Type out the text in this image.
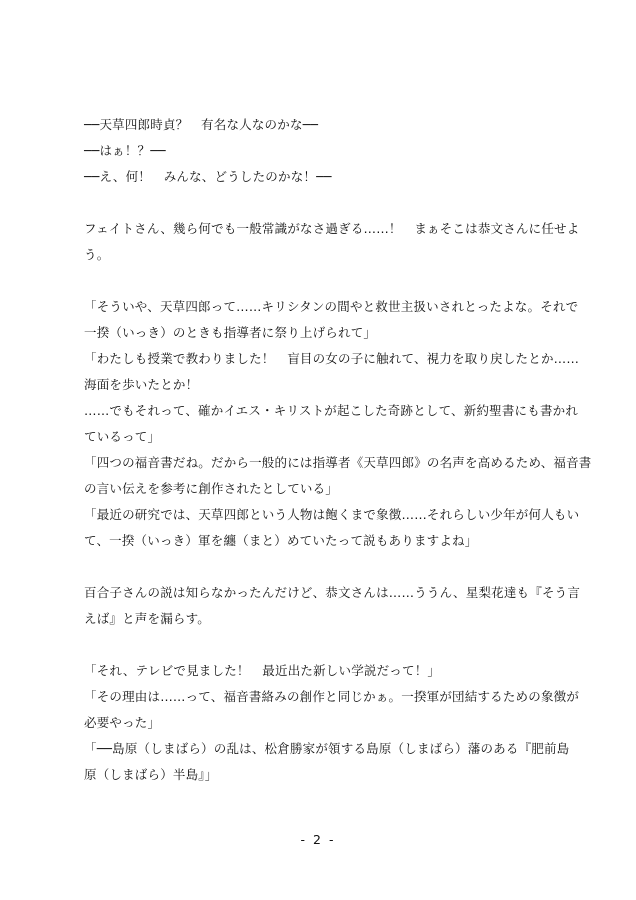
──天草四郎時貞？　有名な人なのかな──
──はぁ！？──
──え、何！　みんな、どうしたのかな！──
フェイトさん、幾ら何でも一般常識がなさ過ぎる……！　まぁそこは恭文さんに任せよ
う。
「そういや、天草四郎って……キリシタンの間やと救世主扱いされとったよな。それで
一揆（いっき）のときも指導者に祭り上げられて」
「わたしも授業で教わりました！　盲目の女の子に触れて、視力を取り戻したとか……
海面を歩いたとか！
……でもそれって、確かイエス・キリストが起こした奇跡として、新約聖書にも書かれ
ているって」
「四つの福音書だね。だから一般的には指導者《天草四郎》の名声を高めるため、福音書
の言い伝えを参考に創作されたとしている」
「最近の研究では、天草四郎という人物は飽くまで象徴……それらしい少年が何人もい
て、一揆（いっき）軍を纏（まと）めていたって説もありますよね」
百合子さんの説は知らなかったんだけど、恭文さんは……ううん、星梨花達も『そう言
えば』と声を漏らす。
「それ、テレビで見ました！　最近出た新しい学説だって！」
「その理由は……って、福音書絡みの創作と同じかぁ。一揆軍が団結するための象徴が
必要やった」
「──島原（しまばら）の乱は、松倉勝家が領する島原（しまばら）藩のある『肥前島
原（しまばら）半島』」
- 2 -
